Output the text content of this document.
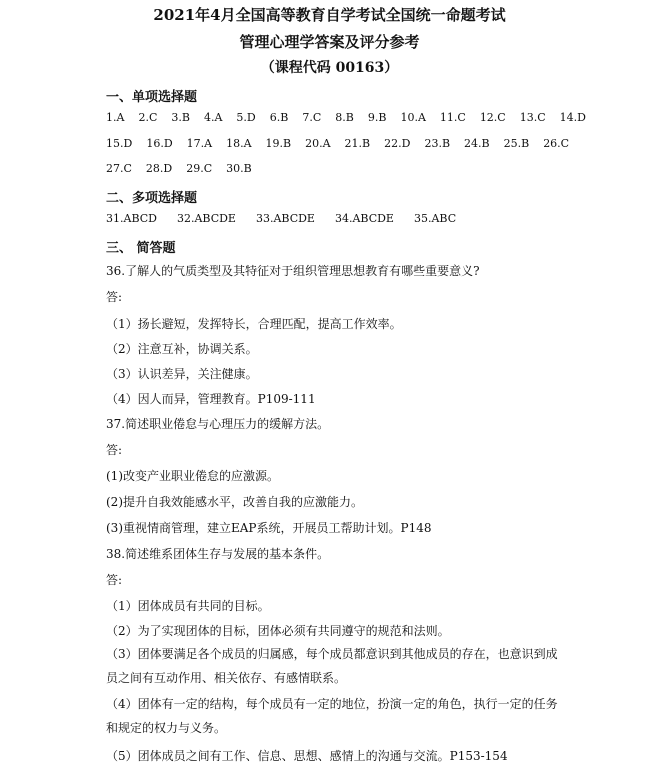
2021年4月全国高等教育自学考试全国统一命题考试
管理心理学答案及评分参考
（课程代码 00163）
一、单项选择题
1.A 2.C 3.B 4.A 5.D 6.B 7.C 8.B 9.B 10.A 11.C 12.C 13.C 14.D
15.D 16.D 17.A 18.A 19.B 20.A 21.B 22.D 23.B 24.B 25.B 26.C
27.C 28.D 29.C 30.B
二、多项选择题
31.ABCD 32.ABCDE 33.ABCDE 34.ABCDE 35.ABC
三、 简答题
36.了解人的气质类型及其特征对于组织管理思想教育有哪些重要意义?
答:
（1）扬长避短，发挥特长，合理匹配，提高工作效率。
（2）注意互补，协调关系。
（3）认识差异，关注健康。
（4）因人而异，管理教育。P109-111
37.简述职业倦怠与心理压力的缓解方法。
答:
(1)改变产业职业倦怠的应激源。
(2)提升自我效能感水平，改善自我的应激能力。
(3)重视情商管理，建立EAP系统，开展员工帮助计划。P148
38.简述维系团体生存与发展的基本条件。
答:
（1）团体成员有共同的目标。
（2）为了实现团体的目标，团体必须有共同遵守的规范和法则。
（3）团体要满足各个成员的归属感，每个成员都意识到其他成员的存在，也意识到成员之间有互动作用、相关依存、有感情联系。
（4）团体有一定的结构，每个成员有一定的地位，扮演一定的角色，执行一定的任务和规定的权力与义务。
（5）团体成员之间有工作、信息、思想、感情上的沟通与交流。P153-154
